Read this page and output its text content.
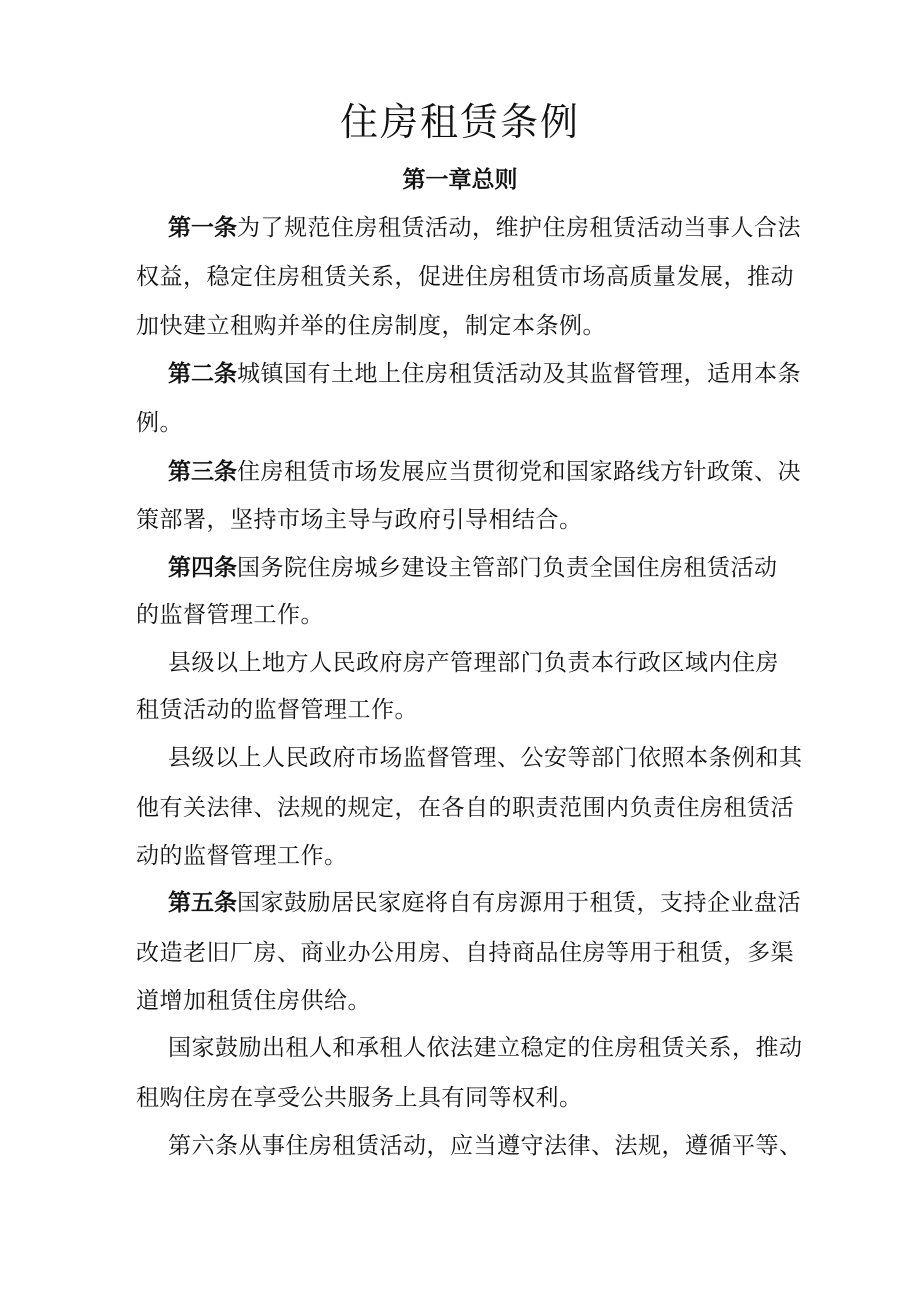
住房租赁条例
第一章总则
第一条为了规范住房租赁活动，维护住房租赁活动当事人合法
权益，稳定住房租赁关系，促进住房租赁市场高质量发展，推动
加快建立租购并举的住房制度，制定本条例。
第二条城镇国有土地上住房租赁活动及其监督管理，适用本条
例。
第三条住房租赁市场发展应当贯彻党和国家路线方针政策、决
策部署，坚持市场主导与政府引导相结合。
第四条国务院住房城乡建设主管部门负责全国住房租赁活动
的监督管理工作。
县级以上地方人民政府房产管理部门负责本行政区域内住房
租赁活动的监督管理工作。
县级以上人民政府市场监督管理、公安等部门依照本条例和其
他有关法律、法规的规定，在各自的职责范围内负责住房租赁活
动的监督管理工作。
第五条国家鼓励居民家庭将自有房源用于租赁，支持企业盘活
改造老旧厂房、商业办公用房、自持商品住房等用于租赁，多渠
道增加租赁住房供给。
国家鼓励出租人和承租人依法建立稳定的住房租赁关系，推动
租购住房在享受公共服务上具有同等权利。
第六条从事住房租赁活动，应当遵守法律、法规，遵循平等、
